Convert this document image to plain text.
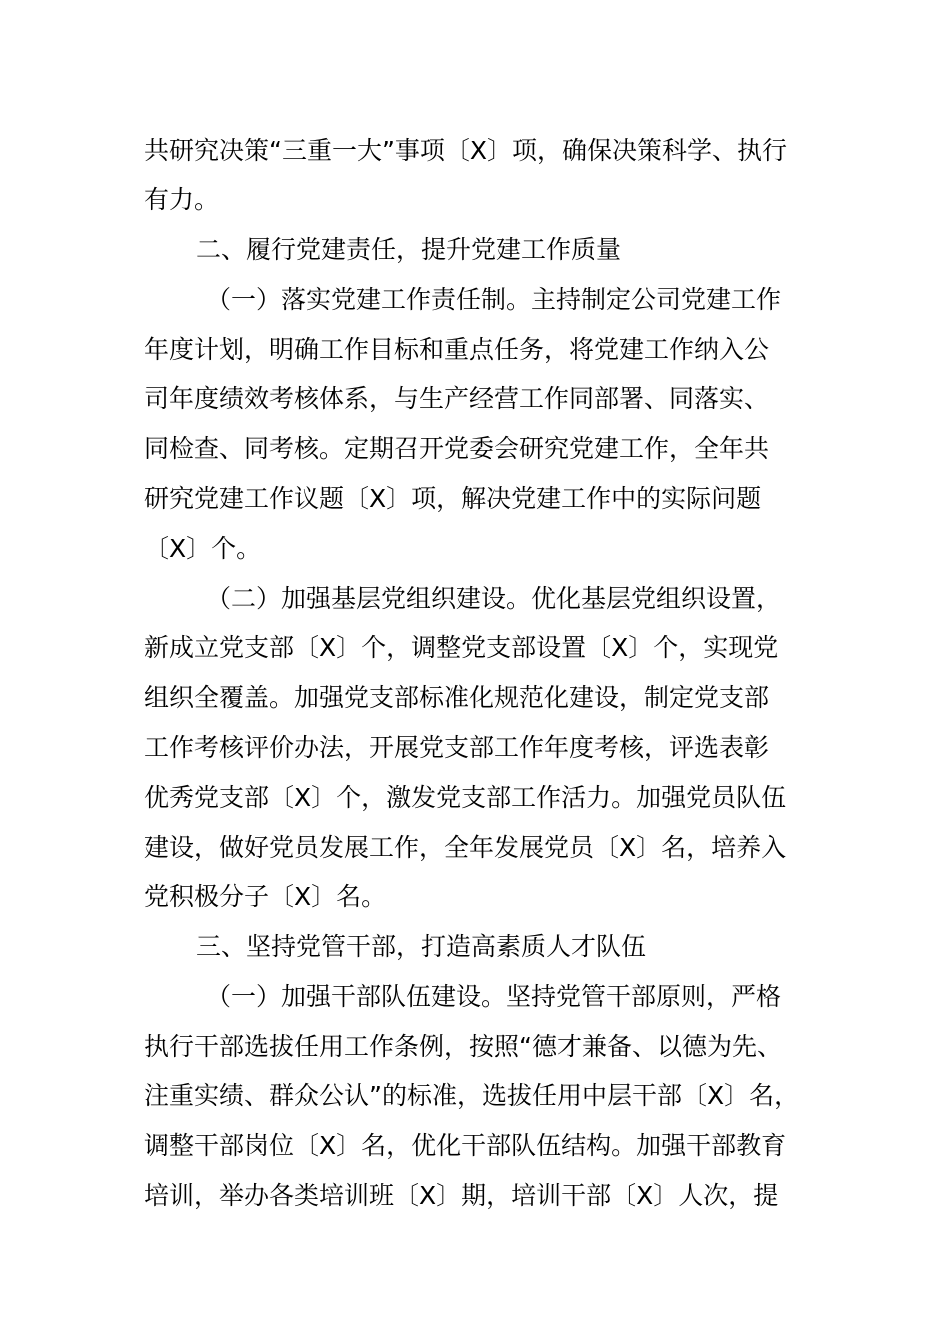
共研究决策“三重一大”事项〔X〕项，确保决策科学、执行
有力。
二、履行党建责任，提升党建工作质量
（一）落实党建工作责任制。主持制定公司党建工作
年度计划，明确工作目标和重点任务，将党建工作纳入公
司年度绩效考核体系，与生产经营工作同部署、同落实、
同检查、同考核。定期召开党委会研究党建工作，全年共
研究党建工作议题〔X〕项，解决党建工作中的实际问题
〔X〕个。
（二）加强基层党组织建设。优化基层党组织设置，
新成立党支部〔X〕个，调整党支部设置〔X〕个，实现党
组织全覆盖。加强党支部标准化规范化建设，制定党支部
工作考核评价办法，开展党支部工作年度考核，评选表彰
优秀党支部〔X〕个，激发党支部工作活力。加强党员队伍
建设，做好党员发展工作，全年发展党员〔X〕名，培养入
党积极分子〔X〕名。
三、坚持党管干部，打造高素质人才队伍
（一）加强干部队伍建设。坚持党管干部原则，严格
执行干部选拔任用工作条例，按照“德才兼备、以德为先、
注重实绩、群众公认”的标准，选拔任用中层干部〔X〕名，
调整干部岗位〔X〕名，优化干部队伍结构。加强干部教育
培训，举办各类培训班〔X〕期，培训干部〔X〕人次，提
